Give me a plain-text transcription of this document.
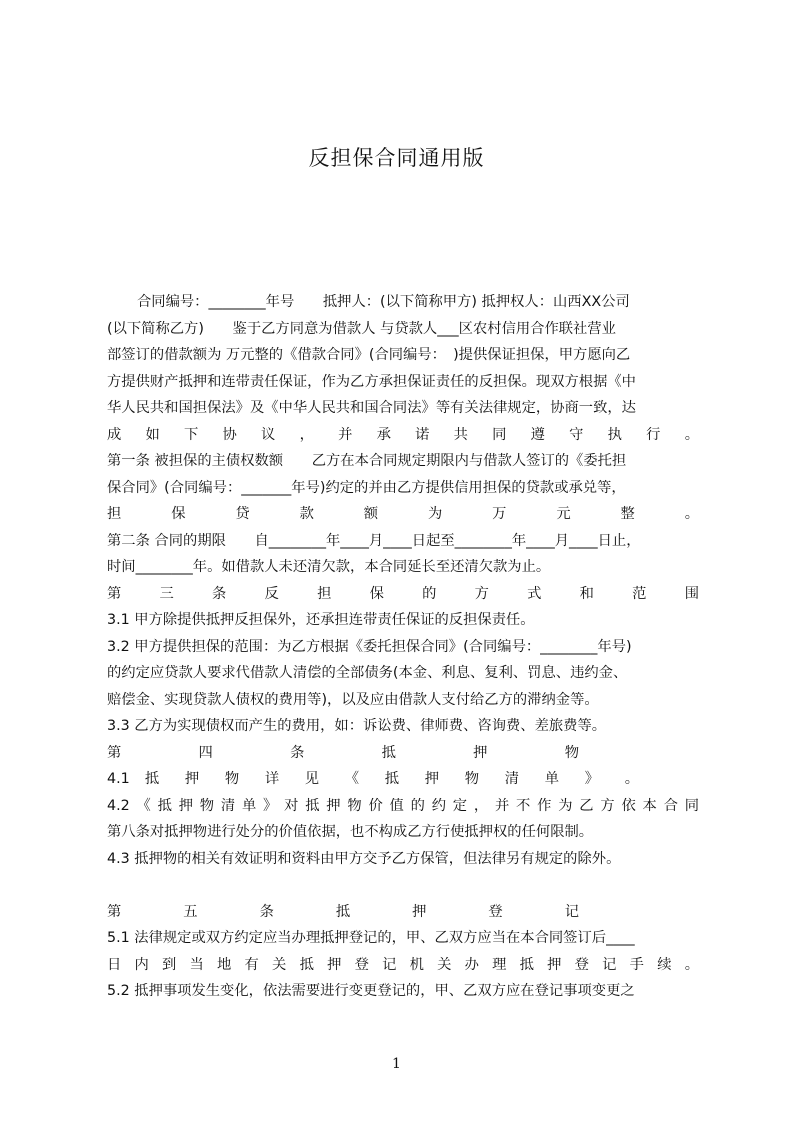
反担保合同通用版
合同编号：________年号　　抵押人：(以下简称甲方) 抵押权人：山西XX公司
(以下简称乙方)　　鉴于乙方同意为借款人 与贷款人___区农村信用合作联社营业
部签订的借款额为 万元整的《借款合同》(合同编号：　)提供保证担保，甲方愿向乙
方提供财产抵押和连带责任保证，作为乙方承担保证责任的反担保。现双方根据《中
华人民共和国担保法》及《中华人民共和国合同法》等有关法律规定，协商一致，达
成 如 下 协 议 ， 并 承 诺 共 同 遵 守 执 行 。
第一条 被担保的主债权数额　　乙方在本合同规定期限内与借款人签订的《委托担
保合同》(合同编号：_______年号)约定的并由乙方提供信用担保的贷款或承兑等，
担 保 贷 款 额 为 万 元 整 。
第二条 合同的期限　　自________年____月____日起至________年____月____日止，
时间________年。如借款人未还清欠款，本合同延长至还清欠款为止。
第 三 条 反 担 保 的 方 式 和 范 围
3.1 甲方除提供抵押反担保外，还承担连带责任保证的反担保责任。
3.2 甲方提供担保的范围：为乙方根据《委托担保合同》(合同编号：________年号)
的约定应贷款人要求代借款人清偿的全部债务(本金、利息、复利、罚息、违约金、
赔偿金、实现贷款人债权的费用等)，以及应由借款人支付给乙方的滞纳金等。
3.3 乙方为实现债权而产生的费用，如：诉讼费、律师费、咨询费、差旅费等。
第 四 条 抵 押 物
4.1 抵 押 物 详 见 《 抵 押 物 清 单 》 。
4.2《抵押物清单》对抵押物价值的约定，并不作为乙方依本合同
第八条对抵押物进行处分的价值依据，也不构成乙方行使抵押权的任何限制。
4.3 抵押物的相关有效证明和资料由甲方交予乙方保管，但法律另有规定的除外。
第 五 条 抵 押 登 记
5.1 法律规定或双方约定应当办理抵押登记的，甲、乙双方应当在本合同签订后____
日 内 到 当 地 有 关 抵 押 登 记 机 关 办 理 抵 押 登 记 手 续 。
5.2 抵押事项发生变化，依法需要进行变更登记的，甲、乙双方应在登记事项变更之
1
